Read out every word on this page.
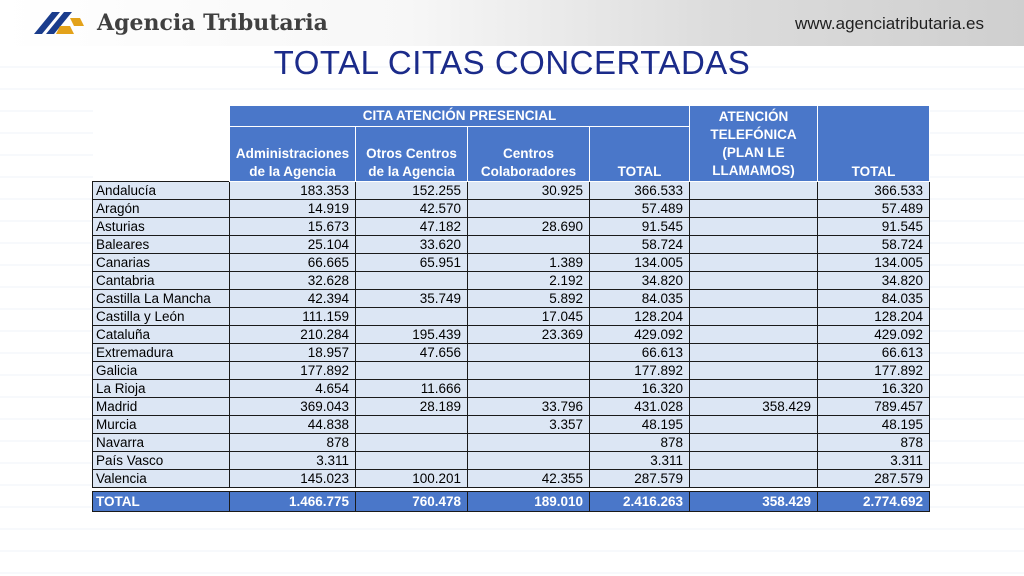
Agencia Tributaria	www.agenciatributaria.es
TOTAL CITAS CONCERTADAS
	CITA ATENCIÓN PRESENCIAL				ATENCIÓN TELEFÓNICA (PLAN LE LLAMAMOS)	TOTAL
	Administraciones de la Agencia	Otros Centros de la Agencia	Centros Colaboradores	TOTAL		
Andalucía	183.353	152.255	30.925	366.533		366.533
Aragón	14.919	42.570		57.489		57.489
Asturias	15.673	47.182	28.690	91.545		91.545
Baleares	25.104	33.620		58.724		58.724
Canarias	66.665	65.951	1.389	134.005		134.005
Cantabria	32.628		2.192	34.820		34.820
Castilla La Mancha	42.394	35.749	5.892	84.035		84.035
Castilla y León	111.159		17.045	128.204		128.204
Cataluña	210.284	195.439	23.369	429.092		429.092
Extremadura	18.957	47.656		66.613		66.613
Galicia	177.892			177.892		177.892
La Rioja	4.654	11.666		16.320		16.320
Madrid	369.043	28.189	33.796	431.028	358.429	789.457
Murcia	44.838		3.357	48.195		48.195
Navarra	878			878		878
País Vasco	3.311			3.311		3.311
Valencia	145.023	100.201	42.355	287.579		287.579

TOTAL	1.466.775	760.478	189.010	2.416.263	358.429	2.774.692
